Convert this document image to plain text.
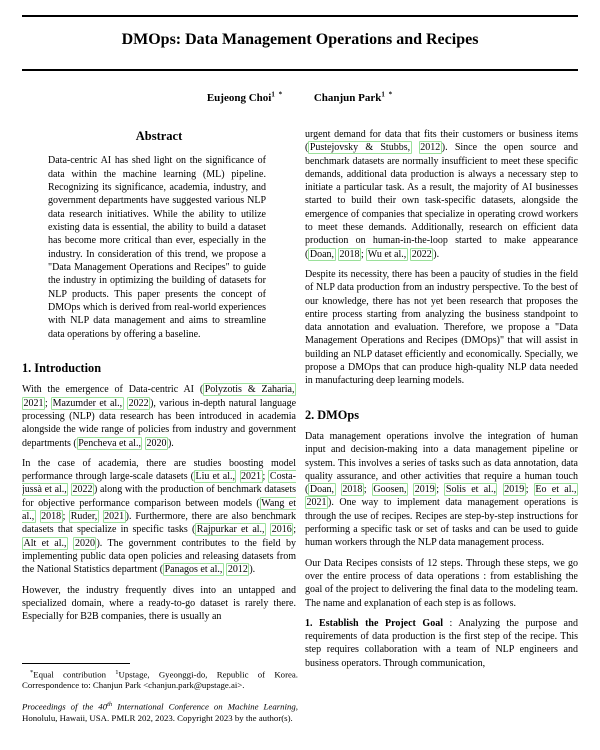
DMOps: Data Management Operations and Recipes
Eujeong Choi$^{1 *}$	Chanjun Park$^{1 *}$
Abstract
Data-centric AI has shed light on the significance of data within the machine learning (ML) pipeline. Recognizing its significance, academia, industry, and government departments have suggested various NLP data research initiatives. While the ability to utilize existing data is essential, the ability to build a dataset has become more critical than ever, especially in the industry. In consideration of this trend, we propose a "Data Management Operations and Recipes" to guide the industry in optimizing the building of datasets for NLP products. This paper presents the concept of DMOps which is derived from real-world experiences with NLP data management and aims to streamline data operations by offering a baseline.
1. Introduction

With the emergence of Data-centric AI ( Polyzotis & Zaharia, 2021 ; Mazumder et al., 2022 ), various in-depth natural language processing (NLP) data research has been introduced in academia alongside the wide range of policies from industry and government departments ( Pencheva et al., 2020 ).

In the case of academia, there are studies boosting model performance through large-scale datasets ( Liu et al., 2021 ; Costa-jussà et al., 2022 ) along with the production of benchmark datasets for objective performance comparison between models ( Wang et al., 2018 ; Ruder, 2021 ). Furthermore, there are also benchmark datasets that specialize in specific tasks ( Rajpurkar et al., 2016 ; Alt et al., 2020 ). The government contributes to the field by implementing public data open policies and releasing datasets from the National Statistics department ( Panagos et al., 2012 ).

However, the industry frequently dives into an untapped and specialized domain, where a ready-to-go dataset is rarely there. Especially for B2B companies, there is usually an

urgent demand for data that fits their customers or business items ( Pustejovsky & Stubbs, 2012 ). Since the open source and benchmark datasets are normally insufficient to meet these specific demands, additional data production is always a necessary step to initiate a particular task. As a result, the majority of AI businesses started to build their own task-specific datasets, alongside the emergence of companies that specialize in operating crowd workers to meet these demands. Additionally, research on efficient data production on human-in-the-loop started to make appearance ( Doan, 2018 ; Wu et al., 2022 ).

Despite its necessity, there has been a paucity of studies in the field of NLP data production from an industry perspective. To the best of our knowledge, there has not yet been research that proposes the entire process starting from analyzing the business standpoint to data annotation and evaluation. Therefore, we propose a "Data Management Operations and Recipes (DMOps)" that will assist in building an NLP dataset efficiently and economically. Specially, we propose a DMOps that can produce high-quality NLP data needed in manufacturing deep learning models.

2. DMOps

Data management operations involve the integration of human input and decision-making into a data management pipeline or system. This involves a series of tasks such as data annotation, data quality assurance, and other activities that require a human touch ( Doan, 2018 ; Goosen, 2019 ; Solis et al., 2019 ; Eo et al., 2021 ). One way to implement data management operations is through the use of recipes. Recipes are step-by-step instructions for performing a specific task or set of tasks and can be used to guide human workers through the NLP data management process.

Our Data Recipes consists of 12 steps. Through these steps, we go over the entire process of data operations : from establishing the goal of the project to delivering the final data to the modeling team. The name and explanation of each step is as follows.

1. Establish the Project Goal : Analyzing the purpose and requirements of data production is the first step of the recipe. This step requires collaboration with a team of NLP engineers and business operators. Through communication,

*Equal contribution $^1$Upstage, Gyeonggi-do, Republic of Korea. Correspondence to: Chanjun Park <chanjun.park@upstage.ai>.
Proceedings of the 40th International Conference on Machine Learning, Honolulu, Hawaii, USA. PMLR 202, 2023. Copyright 2023 by the author(s).
